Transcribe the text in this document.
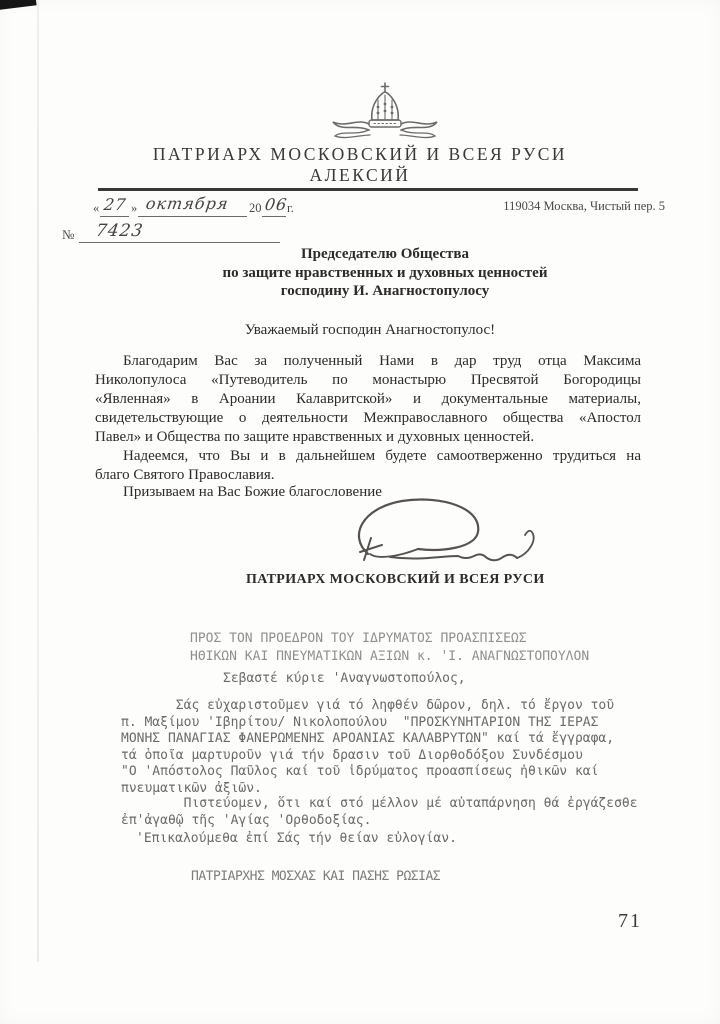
ПАТРИАРХ МОСКОВСКИЙ И ВСЕЯ РУСИ
АЛЕКСИЙ
« 27 » октября 20 06
г.	119034 Москва, Чистый пер. 5
№ 7423
Председателю Общества
по защите нравственных и духовных ценностей
господину И. Анагностопулосу
Уважаемый господин Анагностопулос!
Благодарим Вас за полученный Нами в дар труд отца Максима
Николопулоса «Путеводитель по монастырю Пресвятой Богородицы
«Явленная» в Ароании Калавритской» и документальные материалы,
свидетельствующие о деятельности Межправославного общества «Апостол
Павел» и Общества по защите нравственных и духовных ценностей.
Надеемся, что Вы и в дальнейшем будете самоотверженно трудиться на
благо Святого Православия.
Призываем на Вас Божие благословение
ПАТРИАРХ МОСКОВСКИЙ И ВСЕЯ РУСИ
ΠΡΟΣ ΤΟΝ ΠΡΟΕΔΡΟΝ ΤΟΥ ΙΔΡΥΜΑΤΟΣ ΠΡΟΑΣΠΙΣΕΩΣ
ΗΘΙΚΩΝ ΚΑΙ ΠΝΕΥΜΑΤΙΚΩΝ ΑΞΙΩΝ κ. 'Ι. ΑΝΑΓΝΩΣΤΟΠΟΥΛΟΝ
Σεβαστέ κύριε 'Αναγνωστοπούλος,
Σάς εὐχαριστοῦμεν γιά τό ληφθέν δῶρον, δηλ. τό ἔργον τοῦ
π. Μαξίμου 'Ιβηρίτου/ Νικολοπούλου  "ΠΡΟΣΚΥΝΗΤΑΡΙΟΝ ΤΗΣ ΙΕΡΑΣ
ΜΟΝΗΣ ΠΑΝΑΓΙΑΣ ΦΑΝΕΡΩΜΕΝΗΣ ΑΡΟΑΝΙΑΣ ΚΑΛΑΒΡΥΤΩΝ" καί τά ἔγγραφα,
τά ὁποῖα μαρτυροῦν γιά τήν δρασιν τοῦ Διορθοδόξου Συνδέσμου
"Ο 'Απόστολος Παῦλος καί τοῦ ἱδρύματος προασπίσεως ἠθικῶν καί
πνευματικῶν ἀξιῶν.
Πιστεύομεν, ὅτι καί στό μέλλον μέ αὐταπάρνηση θά ἐργάζεσθε
ἐπ'ἀγαθῷ τῆς 'Αγίας 'Ορθοδοξίας.
'Επικαλούμεθα ἐπί Σάς τήν θείαν εὐλογίαν.
ΠΑΤΡΙΑΡΧΗΣ ΜΟΣΧΑΣ ΚΑΙ ΠΑΣΗΣ ΡΩΣΙΑΣ
71
